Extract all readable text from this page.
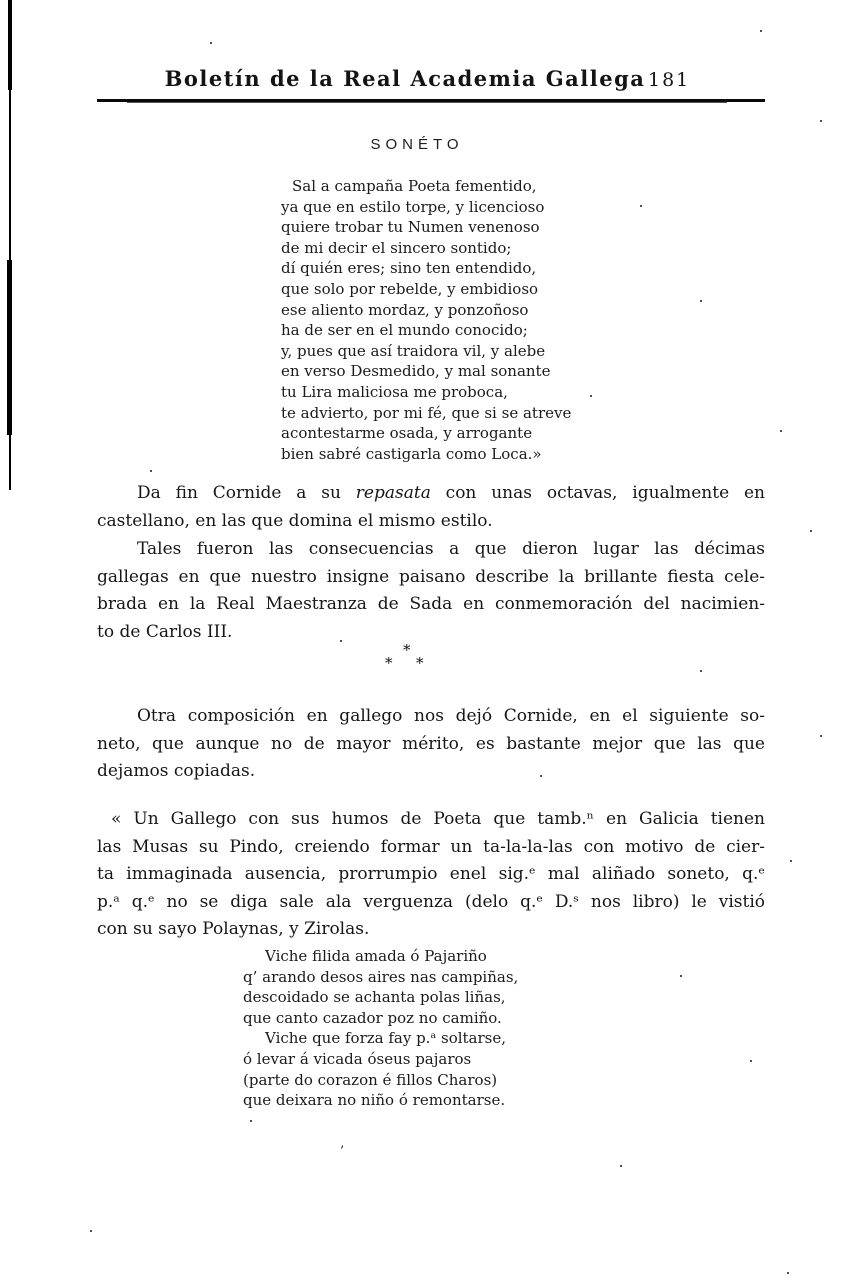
Boletín de la Real Academia Gallega 181
SONÉTO
Sal a campaña Poeta fementido,
ya que en estilo torpe, y licencioso
quiere trobar tu Numen venenoso
de mi decir el sincero sontido;
dí quién eres; sino ten entendido,
que solo por rebelde, y embidioso
ese aliento mordaz, y ponzoñoso
ha de ser en el mundo conocido;
y, pues que así traidora vil, y alebe
en verso Desmedido, y mal sonante
tu Lira maliciosa me proboca,
te advierto, por mi fé, que si se atreve
acontestarme osada, y arrogante
bien sabré castigarla como Loca.»
Da fin Cornide a su repasata con unas octavas, igualmente en
castellano, en las que domina el mismo estilo.
Tales fueron las consecuencias a que dieron lugar las décimas
gallegas en que nuestro insigne paisano describe la brillante fiesta cele-
brada en la Real Maestranza de Sada en conmemoración del nacimien-
to de Carlos III.
*
* *
Otra composición en gallego nos dejó Cornide, en el siguiente so-
neto, que aunque no de mayor mérito, es bastante mejor que las que
dejamos copiadas.
« Un Gallego con sus humos de Poeta que tamb.ⁿ en Galicia tienen
las Musas su Pindo, creiendo formar un ta-la-la-las con motivo de cier-
ta immaginada ausencia, prorrumpio enel sig.ᵉ mal aliñado soneto, q.ᵉ
p.ᵃ q.ᵉ no se diga sale ala verguenza (delo q.ᵉ D.ˢ nos libro) le vistió
con su sayo Polaynas, y Zirolas.
Viche filida amada ó Pajariño
q’ arando desos aires nas campiñas,
descoidado se achanta polas liñas,
que canto cazador poz no camiño.
Viche que forza fay p.ᵃ soltarse,
ó levar á vicada óseus pajaros
(parte do corazon é fillos Charos)
que deixara no niño ó remontarse.
’
